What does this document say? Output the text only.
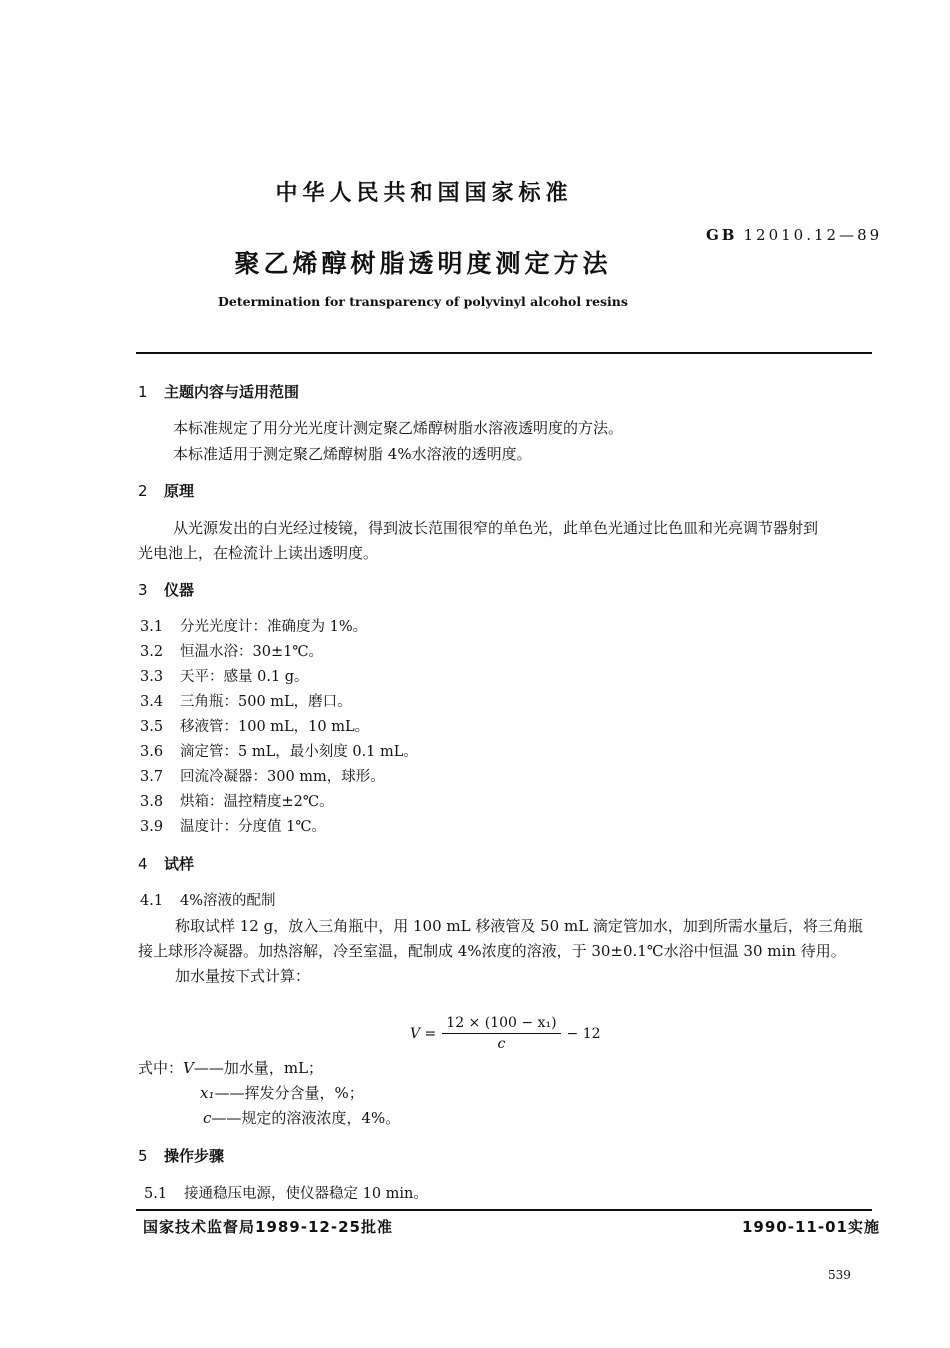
中华人民共和国国家标准
GB 12010.12—89
聚乙烯醇树脂透明度测定方法
Determination for transparency of polyvinyl alcohol resins
1 主题内容与适用范围
本标准规定了用分光光度计测定聚乙烯醇树脂水溶液透明度的方法。
本标准适用于测定聚乙烯醇树脂 4%水溶液的透明度。
2 原理
从光源发出的白光经过棱镜，得到波长范围很窄的单色光，此单色光通过比色皿和光亮调节器射到
光电池上，在检流计上读出透明度。
3 仪器
3.1 分光光度计：准确度为 1%。
3.2 恒温水浴：30±1℃。
3.3 天平：感量 0.1 g。
3.4 三角瓶：500 mL，磨口。
3.5 移液管：100 mL，10 mL。
3.6 滴定管：5 mL，最小刻度 0.1 mL。
3.7 回流冷凝器：300 mm，球形。
3.8 烘箱：温控精度±2℃。
3.9 温度计：分度值 1℃。
4 试样
4.1 4%溶液的配制
称取试样 12 g，放入三角瓶中，用 100 mL 移液管及 50 mL 滴定管加水，加到所需水量后，将三角瓶
接上球形冷凝器。加热溶解，冷至室温，配制成 4%浓度的溶液，于 30±0.1℃水浴中恒温 30 min 待用。
加水量按下式计算：
$V = \frac{\text{12 × (100 − x₁)}}{c} - 12$
式中：V——加水量，mL；
x₁——挥发分含量，%；
c——规定的溶液浓度，4%。
5 操作步骤
5.1 接通稳压电源，使仪器稳定 10 min。
国家技术监督局1989-12-25批准	1990-11-01实施
539
